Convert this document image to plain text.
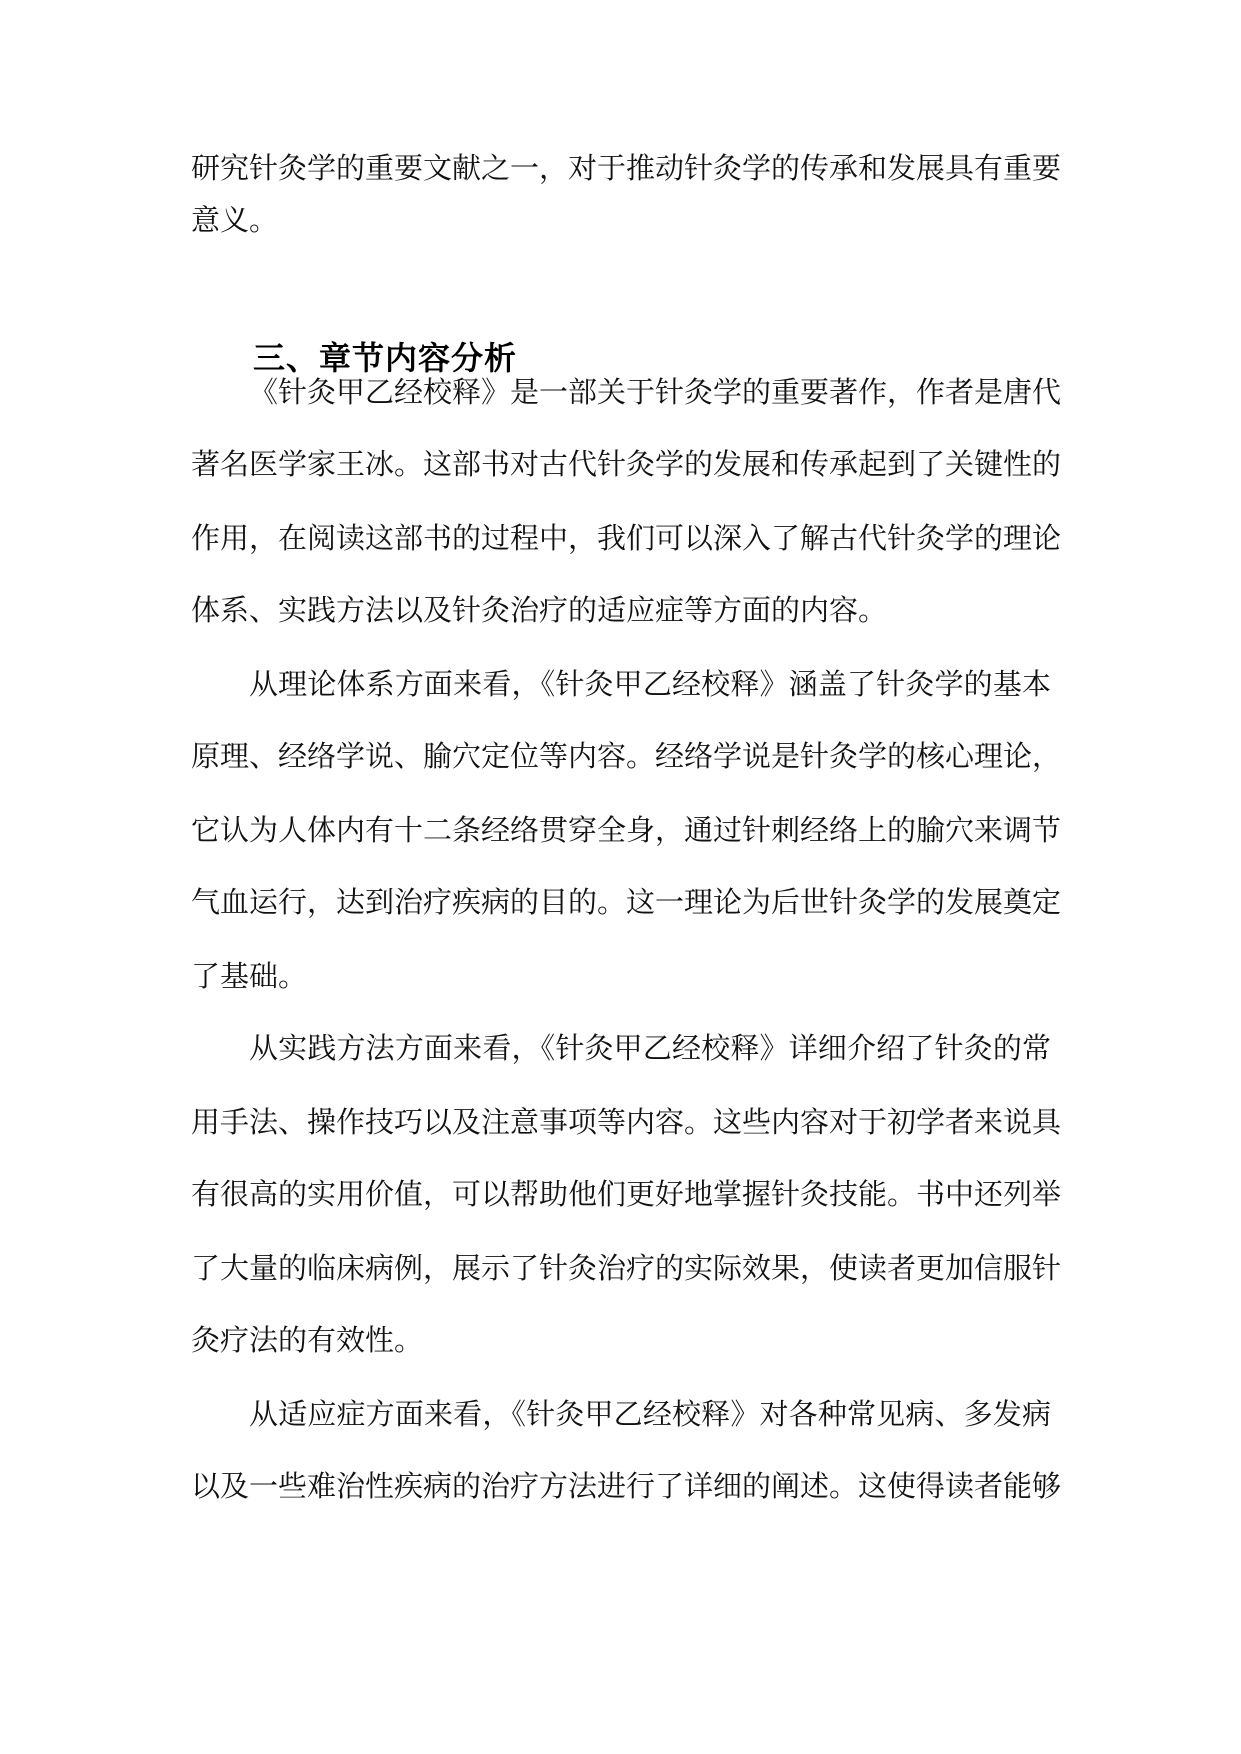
研究针灸学的重要文献之一，对于推动针灸学的传承和发展具有重要
意义。
三、章节内容分析
《针灸甲乙经校释》是一部关于针灸学的重要著作，作者是唐代
著名医学家王冰。这部书对古代针灸学的发展和传承起到了关键性的
作用，在阅读这部书的过程中，我们可以深入了解古代针灸学的理论
体系、实践方法以及针灸治疗的适应症等方面的内容。
从理论体系方面来看，《针灸甲乙经校释》涵盖了针灸学的基本
原理、经络学说、腧穴定位等内容。经络学说是针灸学的核心理论，
它认为人体内有十二条经络贯穿全身，通过针刺经络上的腧穴来调节
气血运行，达到治疗疾病的目的。这一理论为后世针灸学的发展奠定
了基础。
从实践方法方面来看，《针灸甲乙经校释》详细介绍了针灸的常
用手法、操作技巧以及注意事项等内容。这些内容对于初学者来说具
有很高的实用价值，可以帮助他们更好地掌握针灸技能。书中还列举
了大量的临床病例，展示了针灸治疗的实际效果，使读者更加信服针
灸疗法的有效性。
从适应症方面来看，《针灸甲乙经校释》对各种常见病、多发病
以及一些难治性疾病的治疗方法进行了详细的阐述。这使得读者能够
